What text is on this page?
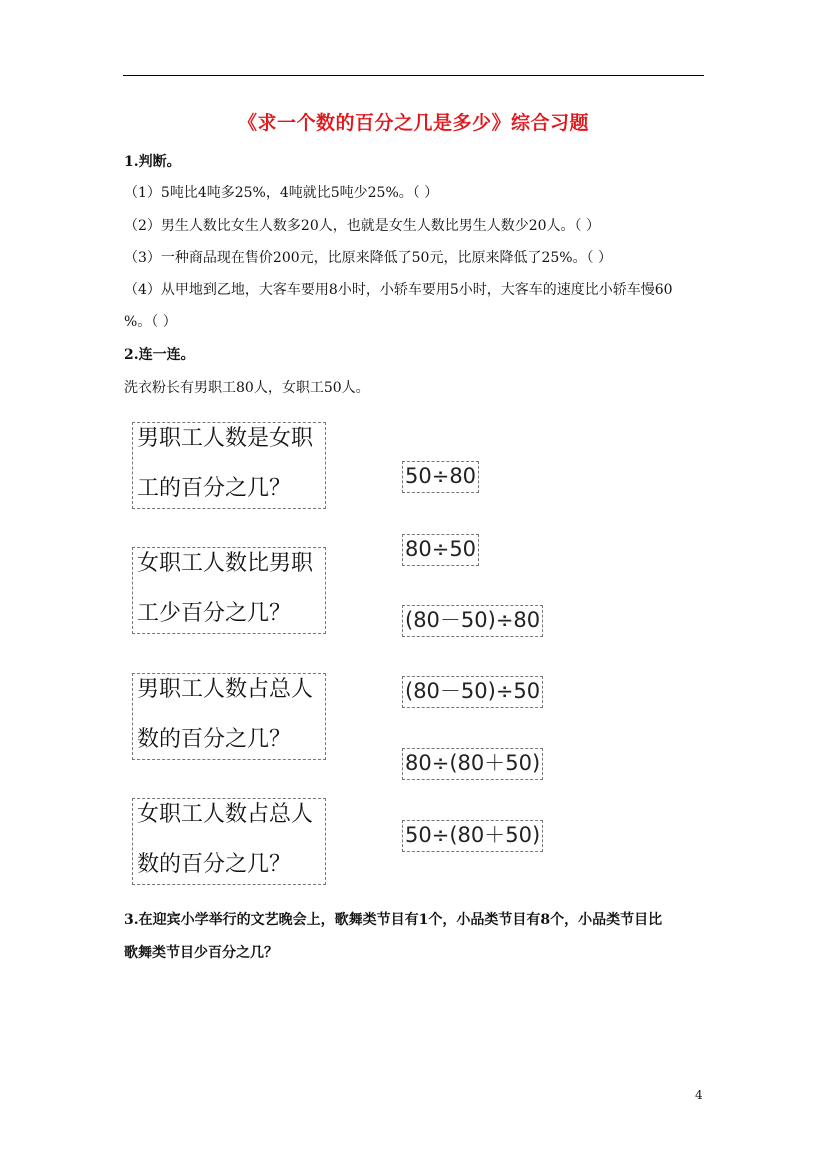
《求一个数的百分之几是多少》综合习题
1.判断。
（1）5吨比4吨多25%，4吨就比5吨少25%。（ ）
（2）男生人数比女生人数多20人，也就是女生人数比男生人数少20人。（ ）
（3）一种商品现在售价200元，比原来降低了50元，比原来降低了25%。（ ）
（4）从甲地到乙地，大客车要用8小时，小轿车要用5小时，大客车的速度比小轿车慢60
%。（ ）
2.连一连。
洗衣粉长有男职工80人，女职工50人。
男职工人数是女职
工的百分之几？
女职工人数比男职
工少百分之几？
男职工人数占总人
数的百分之几？
女职工人数占总人
数的百分之几？
50÷80
80÷50
(80－50)÷80
(80－50)÷50
80÷(80＋50)
50÷(80＋50)
3.在迎宾小学举行的文艺晚会上，歌舞类节目有1个，小品类节目有8个，小品类节目比
歌舞类节目少百分之几？
4
